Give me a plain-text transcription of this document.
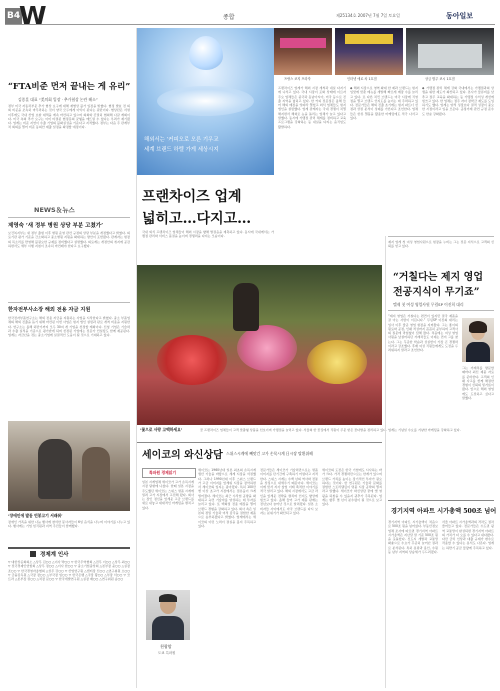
B4
W	종합	제25134호 2007년 7월 7일 토요일	동아일보
“FTA비준 먼저 끝내는 게 유리”
김종훈 대표 “美의회 입장 · 추가협상 논란 해소”
정부 미국 자동차부문 추가 협상 요구에 대해 재협상 불가 입장을 밝혔다. 협정 발효 전 의회 비준을 조속히 마무리하는 것이 양국 모두에게 이익이 된다는 판단이다. 협상단은 서명 이후에도 국내 산업 보완 대책을 계속 마련하고 있으며 의회와 긴밀히 협의해 나갈 계획이다. 미국 측의 추가 요구는 이미 타결된 협정문의 균형을 깨뜨릴 수 있다는 우려가 제기됐다. 업계는 비준 지연이 수출 기업의 불확실성을 키운다고 지적했다. 정부는 다음 주 관계부처 회의를 열어 비준 동의안 제출 일정을 확정할 예정이다.
NEWS＆뉴스
제영숙 ‘새 정부 병원 상당 부분 고쳤가’
보건복지부는 새 정부 출범 이후 병원 운영 관련 규정의 상당 부분을 개정했다고 밝혔다. 의료기관 평가 기준을 간소화하고 중소병원 지원을 확대하는 방안이 포함됐다. 관계자는 현장의 목소리를 반영해 불필요한 규제를 정비했다고 설명했다. 의료계는 개정안의 취지에 공감하면서도 세부 시행 지침이 조속히 마련돼야 한다고 요구했다.
한자전부사소장 해외 전용 자금 지원
한국전자부품연구소는 해외 전용 자금을 지원하는 사업을 시작한다고 밝혔다. 중소 부품업체의 해외 진출을 돕기 위해 마련된 이번 사업은 현지 법인 설립과 판로 개척 비용을 지원한다. 연구소는 올해 하반기까지 모두 30여 개 기업을 선정할 계획이다. 신청 기업은 기술력과 수출 실적을 기준으로 평가받게 되며 선정된 기업에는 전문가 컨설팅도 함께 제공된다. 업계는 자금난을 겪는 중소기업에 실질적인 도움이 될 것으로 기대하고 있다.
‘장애인에 발돋 빈봉고기 서래줘’
장애인 가족을 위한 나눔 행사에 참석한 봉사자들이 6일 음식을 나누며 이야기를 나누고 있다. 행사에는 기업 임직원과 지역 주민들이 함께했다.
경제계 인사
▽ 대한상공회의소 △상무 김○○ △이사 박○○ ▽ 한국무역협회 △전무 이○○ △상무 최○○ ▽ 전국경제인연합회 △상무 정○○ △이사 한○○ ▽ 중소기업중앙회 △본부장 윤○○ △실장 조○○ ▽ 한국경영자총협회 △상무 강○○ ▽ 산업연구원 △센터장 신○○ △연구위원 오○○ ▽ 금융감독원 △국장 장○○ △부국장 임○○ ▽ 한국은행 △국장 황○○ △부장 서○○ ▽ 코트라 △본부장 권○○ △처장 문○○ ▽ 한국개발연구원 △실장 배○○ △연구위원 송○○
해외서는 ‘커피오로 오른 기우교
세계 브랜드 하렐 가게 세상시지
프랑스 코지 프라자	인터넷 애로 차 1호점	상금 밤주 코시 1호점
프랜차이즈 업계
넓히고…다지고…
프랜차이즈 업계가 해외 시장 개척과 내실 다지기에 나서고 있다. 국내 시장이 포화 상태에 이르자 주요 업체들은 중국과 동남아시아, 미국 등으로 진출 지역을 넓히고 있다. 한 커피 전문점은 올해 들어 해외 매장을 잇따라 열었고 외식 업체들도 현지 법인을 설립했다. 업계 관계자는 국내 경쟁이 치열해지면서 해외로 눈을 돌리는 업체가 늘고 있다고 말했다. 동시에 가맹점 관리 체계를 정비하고 교육 프로그램을 강화하는 등 내실을 다지는 움직임도 활발하다.
◆ 해외 시장으로 영역 확대 한 제과 브랜드는 현지 입맛에 맞춘 메뉴를 개발해 빠르게 매장 수를 늘리고 있다. 또 다른 치킨 브랜드는 미국 시장에 직영점을 열고 브랜드 인지도를 높이는 데 주력하고 있다. 전문가들은 해외 진출 초기에는 현지 파트너 선정과 상권 분석이 성패를 가른다고 조언한다. 업체들은 한류 열풍을 활용한 마케팅에도 적극 나서고 있다.
◆ 가맹점 관리 체계 강화 국내에서는 가맹점과의 상생을 위한 제도가 확산되고 있다. 본사가 물류비를 낮추고 점주 교육을 확대하는 등 가맹점 수익성 개선에 힘쓰고 있다. 한 업체는 점주 자녀 장학금 제도를 도입하기도 했다. 업계는 양적 성장보다 질적 성장이 중요한 시점이라고 입을 모은다. 공정거래 관련 규정 준수도 한층 강화됐다.
국내 외식 프랜차이즈 업체들이 해외 시장을 향해 발걸음을 재촉하고 있다. 동시에 국내에서는 가맹점 관리와 서비스 품질을 높이며 경쟁력을 다지는 모습이다.
‘꽃으로 사랑 고백하세요’	꽃 프랜차이즈 업체들이 고객 맞춤형 상품을 선보이며 가맹점을 늘리고 있다. 서울의 한 꽃집에서 직원이 주문 받은 꽃다발을 정리하고 있다. 업계는 기념일 수요를 겨냥한 마케팅을 강화하고 있다.
제지 업계 첫 여성 영업사원으로 현장을 누비는 그는 전문 지식으로 고객의 신뢰를 얻고 있다.
“거칠다는 제지 영업
전공지식이 무기죠”
엘제 첫 여성 영업사원 무림SP 이진희 대리
“제지 영업은 거칠다는 편견이 있지만 결국 제품을 잘 아는 사람이 이깁니다.” 무림SP 이진희 대리는 입사 이후 줄곧 영업 현장을 지켜왔다. 그는 종이의 원료와 공정, 인쇄 적성까지 꼼꼼히 공부하며 고객사의 질문에 막힘없이 답해 왔다. 처음에는 여성 영업사원을 낯설어하던 거래처들도 이제는 먼저 그를 찾는다. 그는 꾸준한 학습과 성실함이 가장 큰 경쟁력이라고 강조했다. 후배 여성 직원들에게도 도전을 두려워하지 말라고 조언한다.
그는 거래처를 방문할 때마다 최신 제품 자료를 준비한다. 고객의 인쇄 사고를 함께 해결한 경험이 신뢰의 밑거름이 됐다. 앞으로 해외 영업에도 도전하고 싶다고 말했다.
세이코의 와신상담 스위스시계에 빼앗긴 고가 손목시계 日시장 탈환위해
특파원 경제읽기
일본 시계업체 세이코가 고가 손목시계 시장 탈환에 나섰다. 한때 일본 시장을 주도했던 세이코는 스위스 명품 시계에 밀려 고가 시장에서 고전해 왔다. 회사는 장인 정신을 앞세운 고급 브랜드를 새로 내놓고 대대적인 마케팅을 펼치고 있다.
천광암
도쿄 특파원
세이코는 1960년대 일본 최초의 손목시계 생산 기술을 바탕으로 세계 시장을 석권했다. 그러나 1990년대 이후 스위스 브랜드가 고급 이미지를 앞세워 시장을 장악하면서 세이코의 입지는 좁아졌다. 특히 100만 엔 이상 초고가 시장에서는 점유율이 크게 떨어졌다. 세이코는 최근 수작업 공방을 확대하고 숙련 기술자를 양성하는 데 투자를 늘리고 있다. 또 백화점 전용 매장을 열어 브랜드 경험을 강화하고 있다. 회사 측은 일본의 정밀 기술과 미적 감각을 결합한 제품으로 승부하겠다고 밝혔다. 업계에서는 세이코의 이런 노력이 결실을 볼지 주목하고 있다.
전문가들은 세이코가 기술력만으로는 명품 이미지를 단기간에 구축하기 어렵다고 지적한다. 스위스 시계는 수백 년의 역사와 전통을 상징으로 내세우기 때문이다. 세이코는 이에 맞서 자사 창업 이래 축적한 이야기를 적극 알리고 있다. 해외 시장에서도 고급 라인을 앞세운 전략을 펼치며 인지도 향상에 힘쓰고 있다. 올해 들어 고가 제품 판매는 전년보다 늘어난 것으로 알려졌다. 일본 소비자들 사이에서도 자국 브랜드를 다시 보자는 분위기가 확산되고 있다.
세이코의 도전은 한국 기업에도 시사하는 바가 크다. 가격 경쟁력만으로는 한계가 있으며 브랜드 가치를 높이는 장기적인 투자가 필요하다는 것이다. 한 연구원은 기술과 문화를 결합한 스토리텔링이 명품 시장 공략의 열쇠라고 말했다. 세이코가 와신상담 끝에 옛 영광을 되찾을 수 있을지 귀추가 주목된다. 업계는 향후 몇 년이 분수령이 될 것으로 보고 있다.
경기지역 아파트 시가총액 500조 넘어
경기지역 아파트 시가총액이 처음으로 500조 원을 넘어섰다. 부동산정보업체 조사에 따르면 경기지역 아파트 시가총액은 지난달 말 기준 500조 원을 웃돌았다. 신도시 개발과 교통망 확충으로 수요가 꾸준히 늘어난 결과로 분석된다. 특히 분당과 용인, 수원 등 남부 지역의 상승세가 두드러졌다.
서울 아파트 시가총액과의 격차도 점차 줄어들고 있다. 전문가들은 수도권 광역 교통망이 완성되면 경기지역 아파트의 가치가 더 오를 수 있다고 내다봤다. 다만 금리 인상과 대출 규제가 변수로 작용할 수 있다는 분석도 나온다. 업계는 하반기 공급 물량에 주목하고 있다.
